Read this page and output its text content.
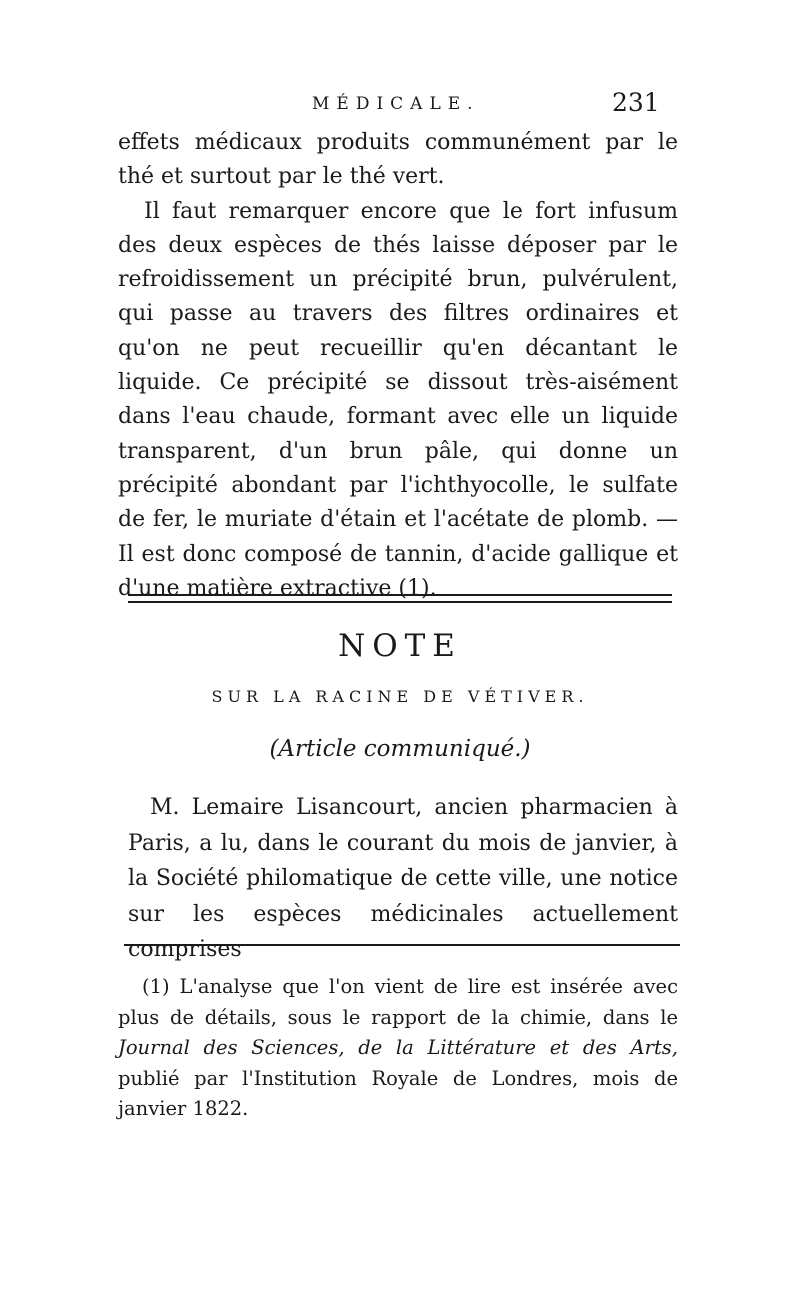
MÉDICALE.	231

effets médicaux produits communément par le thé et surtout par le thé vert.

Il faut remarquer encore que le fort infusum des deux espèces de thés laisse déposer par le refroidissement un précipité brun, pulvérulent, qui passe au travers des filtres ordinaires et qu'on ne peut recueillir qu'en décantant le liquide. Ce précipité se dissout très-aisément dans l'eau chaude, formant avec elle un liquide transparent, d'un brun pâle, qui donne un précipité abondant par l'ichthyocolle, le sulfate de fer, le muriate d'étain et l'acétate de plomb. — Il est donc composé de tannin, d'acide gallique et d'une matière extractive (1).

NOTE
SUR LA RACINE DE VÉTIVER.
(Article communiqué.)

M. Lemaire Lisancourt, ancien pharmacien à Paris, a lu, dans le courant du mois de janvier, à la Société philomatique de cette ville, une notice sur les espèces médicinales actuellement comprises

(1) L'analyse que l'on vient de lire est insérée avec plus de détails, sous le rapport de la chimie, dans le Journal des Sciences, de la Littérature et des Arts, publié par l'Institution Royale de Londres, mois de janvier 1822.
